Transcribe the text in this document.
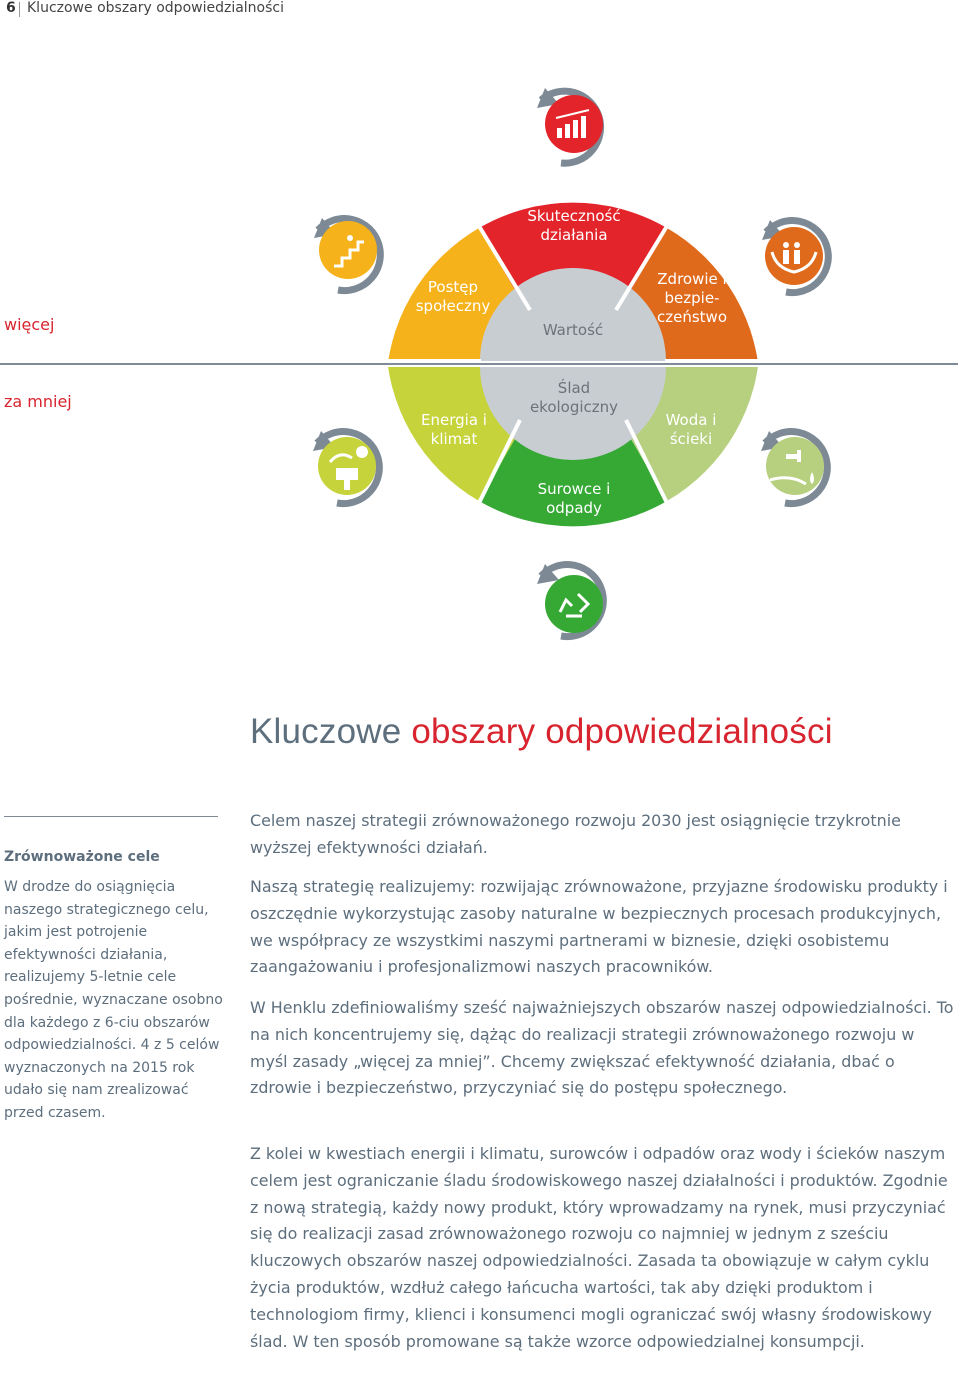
6 Kluczowe obszary odpowiedzialności
Skuteczność działania
Postęp społeczny
Zdrowie i bezpie-czeństwo
Wartość
Ślad ekologiczny
Energia i klimat
Woda i ścieki
Surowce i odpady
więcej
za mniej
Kluczowe obszary odpowiedzialności
Zrównoważone cele
W drodze do osiągnięcia naszego strategicznego celu, jakim jest potrojenie efektywności działania, realizujemy 5-letnie cele pośrednie, wyznaczane osobno dla każdego z 6-ciu obszarów odpowiedzialności. 4 z 5 celów wyznaczonych na 2015 rok udało się nam zrealizować przed czasem.
Celem naszej strategii zrównoważonego rozwoju 2030 jest osiągnięcie trzykrotnie wyższej efektywności działań.
Naszą strategię realizujemy: rozwijając zrównoważone, przyjazne środowisku produkty i oszczędnie wykorzystując zasoby naturalne w bezpiecznych procesach produkcyjnych, we współpracy ze wszystkimi naszymi partnerami w biznesie, dzięki osobistemu zaangażowaniu i profesjonalizmowi naszych pracowników.
W Henklu zdefiniowaliśmy sześć najważniejszych obszarów naszej odpowiedzialności. To na nich koncentrujemy się, dążąc do realizacji strategii zrównoważonego rozwoju w myśl zasady „więcej za mniej”. Chcemy zwiększać efektywność działania, dbać o zdrowie i bezpieczeństwo, przyczyniać się do postępu społecznego.
Z kolei w kwestiach energii i klimatu, surowców i odpadów oraz wody i ścieków naszym celem jest ograniczanie śladu środowiskowego naszej działalności i produktów. Zgodnie z nową strategią, każdy nowy produkt, który wprowadzamy na rynek, musi przyczyniać się do realizacji zasad zrównoważonego rozwoju co najmniej w jednym z sześciu kluczowych obszarów naszej odpowiedzialności. Zasada ta obowiązuje w całym cyklu życia produktów, wzdłuż całego łańcucha wartości, tak aby dzięki produktom i technologiom firmy, klienci i konsumenci mogli ograniczać swój własny środowiskowy ślad. W ten sposób promowane są także wzorce odpowiedzialnej konsumpcji.
